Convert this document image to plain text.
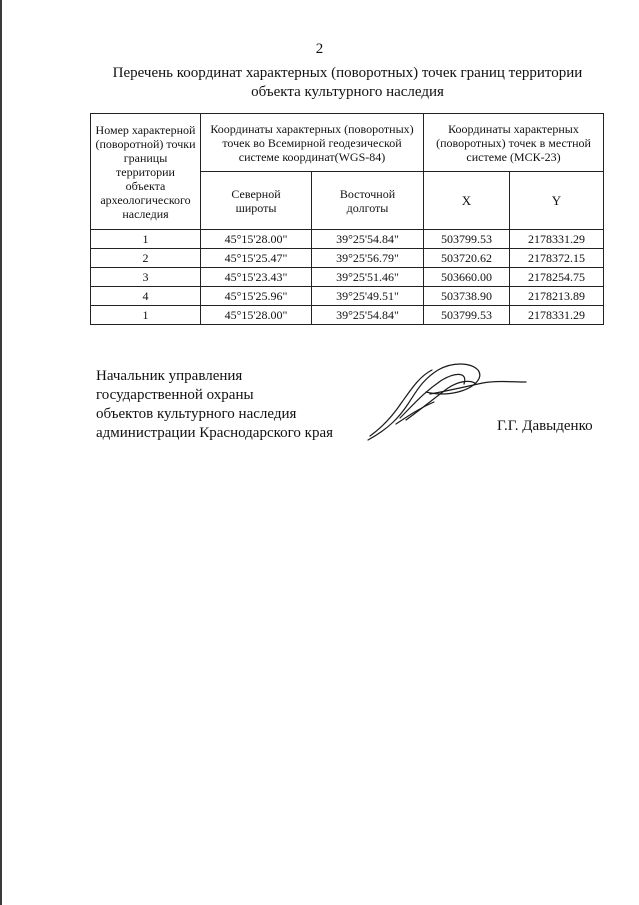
2
Перечень координат характерных (поворотных) точек границ территории
объекта культурного наследия
Номер характерной (поворотной) точки границы территории объекта археологического наследия	Координаты характерных (поворотных) точек во Всемирной геодезической системе координат(WGS-84)		Координаты характерных (поворотных) точек в местной системе (МСК-23)	
	Северной широты	Восточной долготы	X	Y
1	45°15'28.00"	39°25'54.84"	503799.53	2178331.29
2	45°15'25.47"	39°25'56.79"	503720.62	2178372.15
3	45°15'23.43"	39°25'51.46"	503660.00	2178254.75
4	45°15'25.96"	39°25'49.51"	503738.90	2178213.89
1	45°15'28.00"	39°25'54.84"	503799.53	2178331.29
Начальник управления
государственной охраны
объектов культурного наследия
администрации Краснодарского края	Г.Г. Давыденко
